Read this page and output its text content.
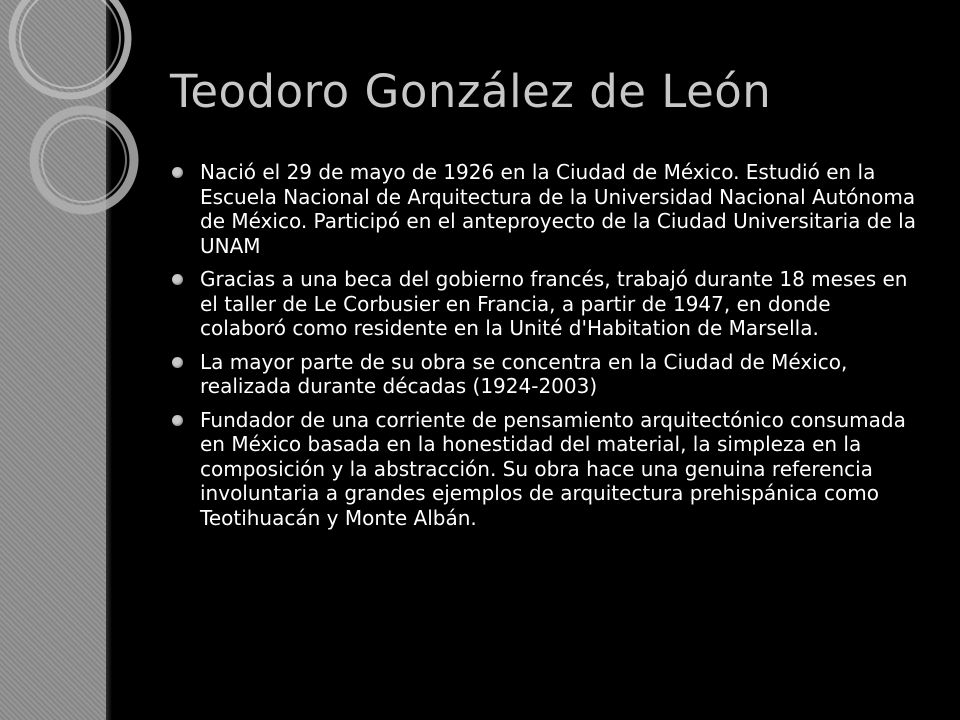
Teodoro González de León
Nació el 29 de mayo de 1926 en la Ciudad de México. Estudió en la Escuela Nacional de Arquitectura de la Universidad Nacional Autónoma de México. Participó en el anteproyecto de la Ciudad Universitaria de la UNAM
Gracias a una beca del gobierno francés, trabajó durante 18 meses en el taller de Le Corbusier en Francia, a partir de 1947, en donde colaboró como residente en la Unité d'Habitation de Marsella.
La mayor parte de su obra se concentra en la Ciudad de México, realizada durante décadas (1924-2003)
Fundador de una corriente de pensamiento arquitectónico consumada en México basada en la honestidad del material, la simpleza en la composición y la abstracción. Su obra hace una genuina referencia involuntaria a grandes ejemplos de arquitectura prehispánica como Teotihuacán y Monte Albán.
